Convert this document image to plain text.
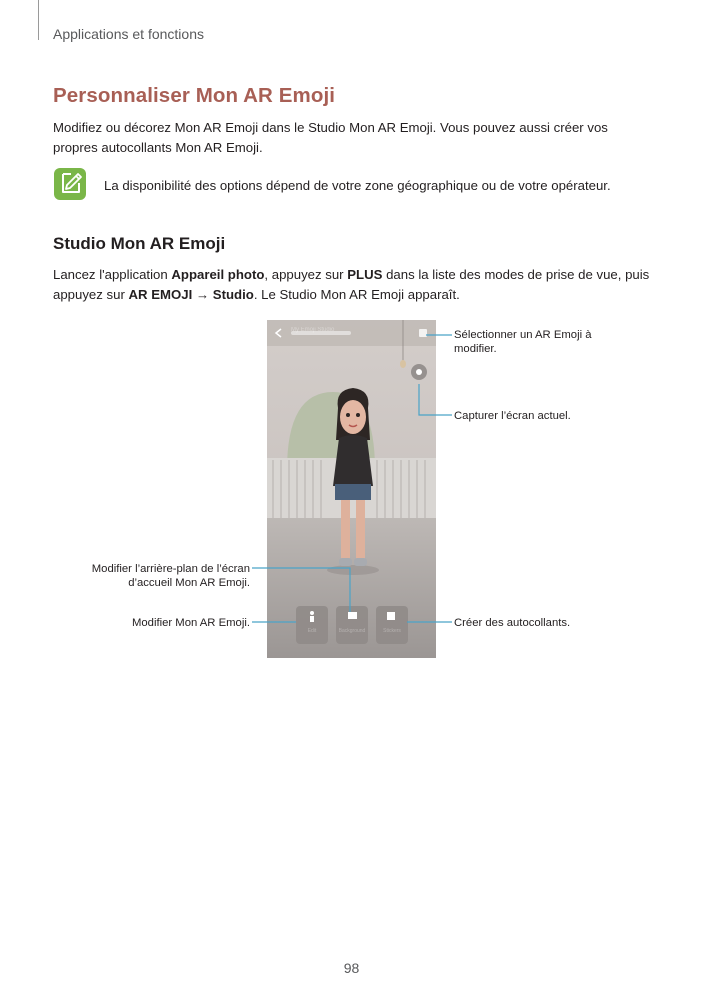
Applications et fonctions
Personnaliser Mon AR Emoji
Modifiez ou décorez Mon AR Emoji dans le Studio Mon AR Emoji. Vous pouvez aussi créer vos propres autocollants Mon AR Emoji.
La disponibilité des options dépend de votre zone géographique ou de votre opérateur.
Studio Mon AR Emoji
Lancez l'application Appareil photo, appuyez sur PLUS dans la liste des modes de prise de vue, puis appuyez sur AR EMOJI → Studio. Le Studio Mon AR Emoji apparaît.
My Emoji Studio
Edit	Background	Stickers
Sélectionner un AR Emoji à modifier.
Capturer l’écran actuel.
Modifier l’arrière-plan de l’écran d’accueil Mon AR Emoji.
Modifier Mon AR Emoji.	Créer des autocollants.
98
